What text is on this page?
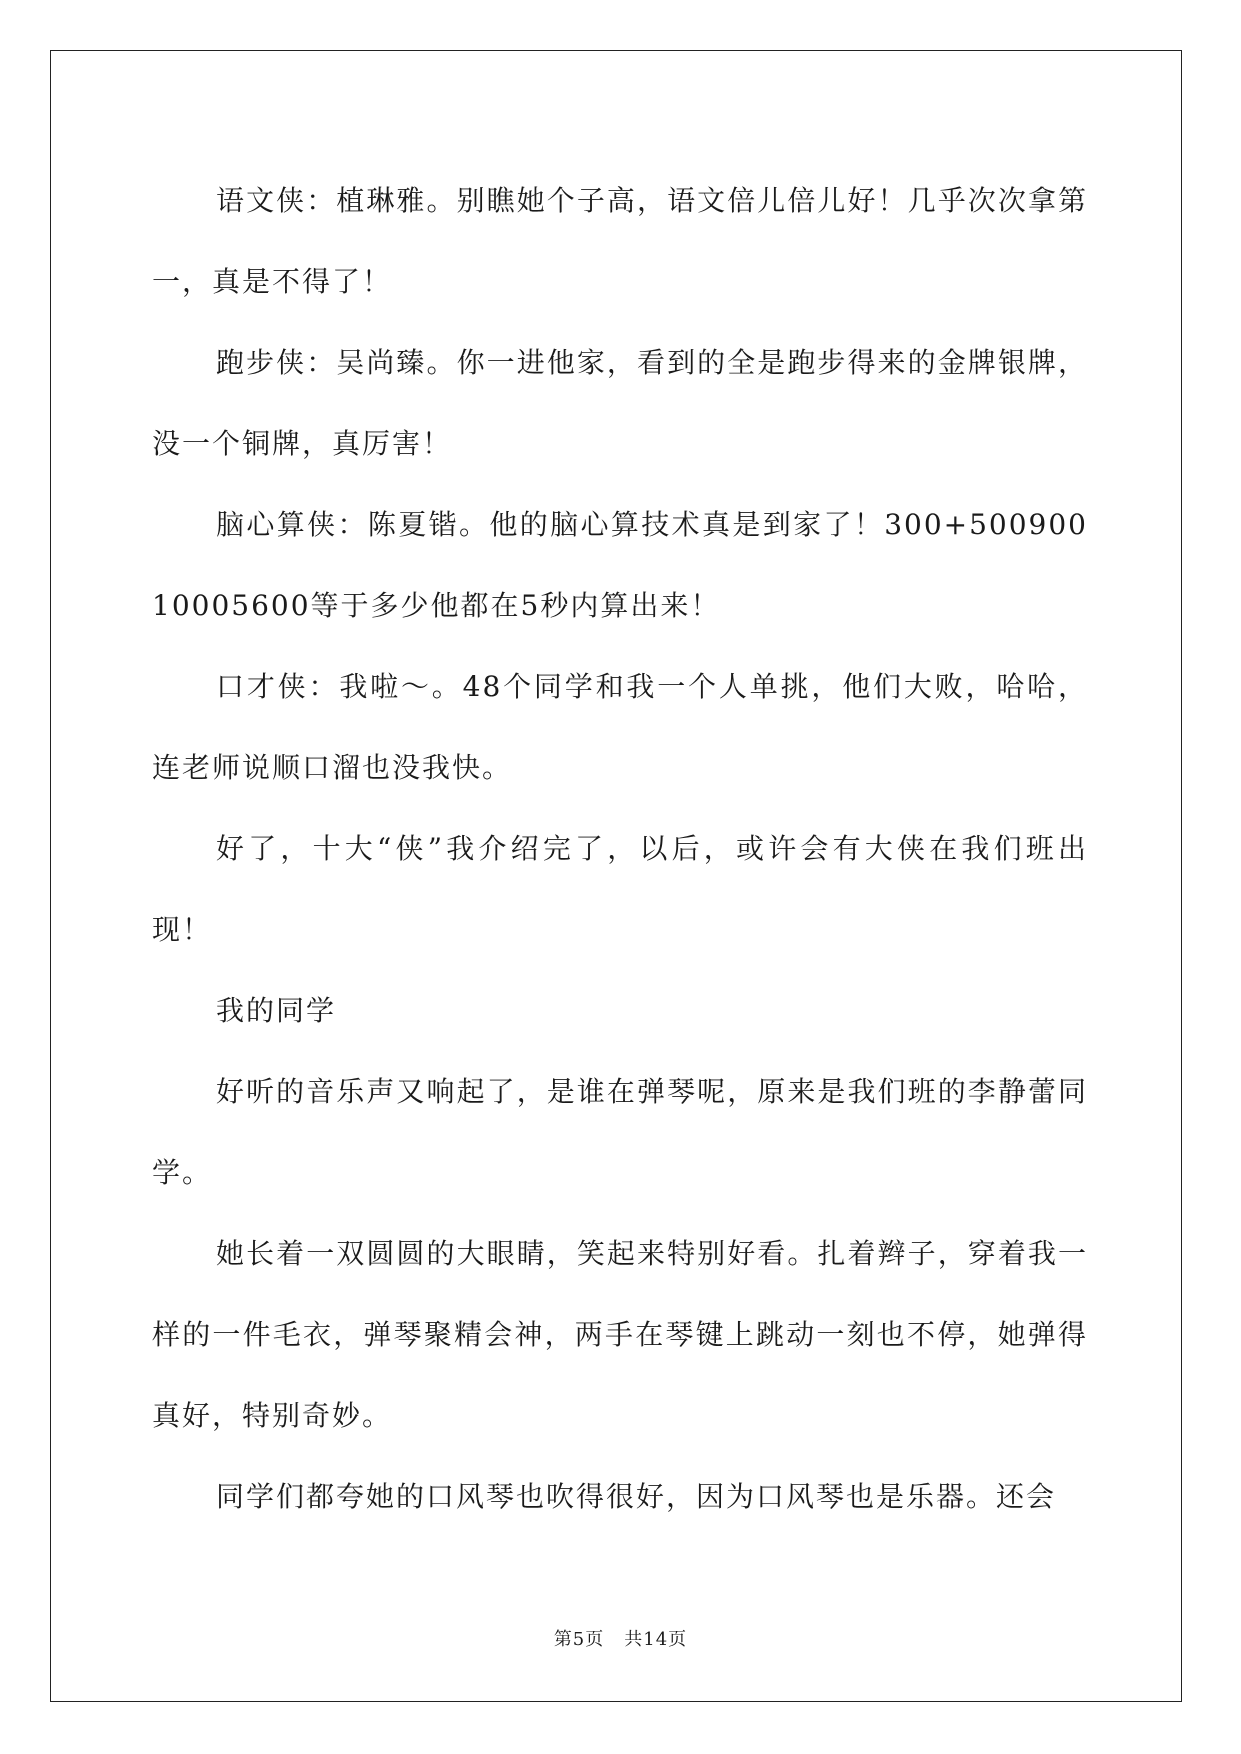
语文侠：植琳雅。别瞧她个子高，语文倍儿倍儿好！几乎次次拿第一，真是不得了！

跑步侠：吴尚臻。你一进他家，看到的全是跑步得来的金牌银牌，没一个铜牌，真厉害！

脑心算侠：陈夏锴。他的脑心算技术真是到家了！300+50090010005600等于多少他都在5秒内算出来！

口才侠：我啦～。48个同学和我一个人单挑，他们大败，哈哈，连老师说顺口溜也没我快。

好了，十大“侠”我介绍完了，以后，或许会有大侠在我们班出现！

我的同学

好听的音乐声又响起了，是谁在弹琴呢，原来是我们班的李静蕾同学。

她长着一双圆圆的大眼睛，笑起来特别好看。扎着辫子，穿着我一样的一件毛衣，弹琴聚精会神，两手在琴键上跳动一刻也不停，她弹得真好，特别奇妙。

同学们都夸她的口风琴也吹得很好，因为口风琴也是乐器。还会

第5页 共14页
